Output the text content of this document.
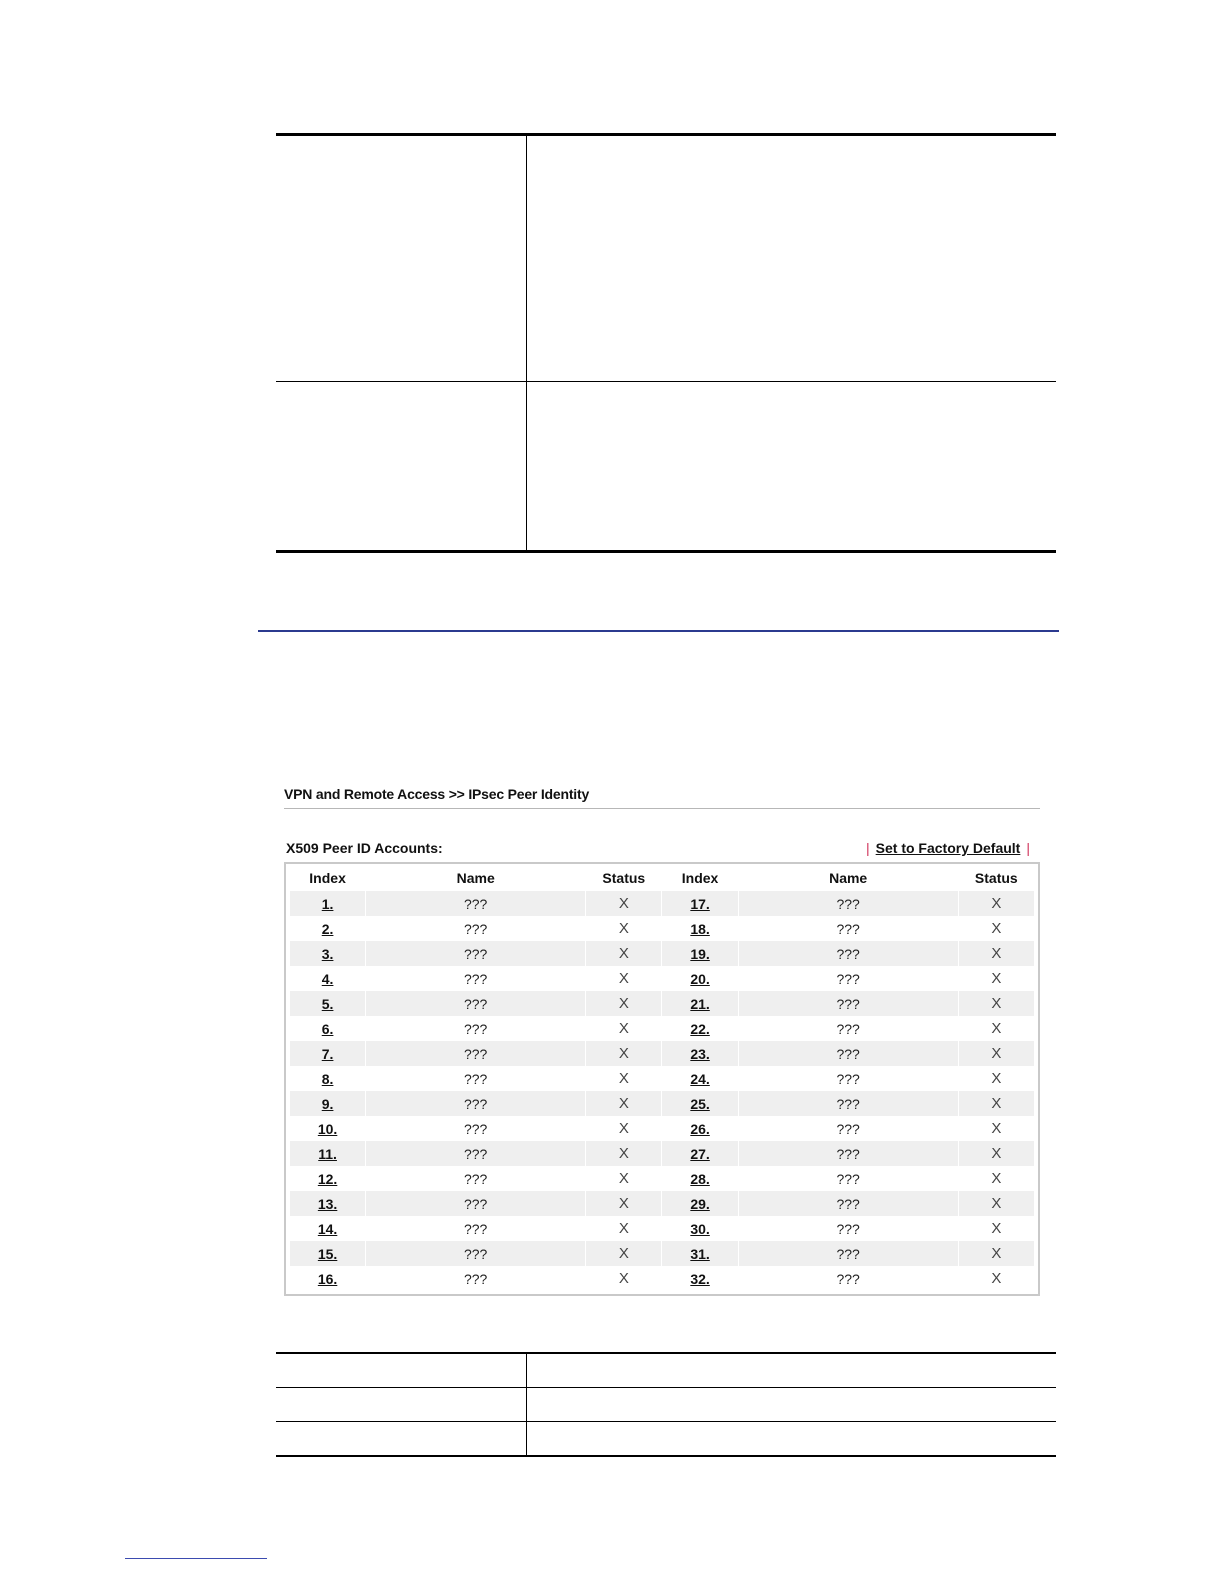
VPN and Remote Access >> IPsec Peer Identity
X509 Peer ID Accounts:	| Set to Factory Default |
Index	Name	Status	Index	Name	Status
1.	???	X	17.	???	X
2.	???	X	18.	???	X
3.	???	X	19.	???	X
4.	???	X	20.	???	X
5.	???	X	21.	???	X
6.	???	X	22.	???	X
7.	???	X	23.	???	X
8.	???	X	24.	???	X
9.	???	X	25.	???	X
10.	???	X	26.	???	X
11.	???	X	27.	???	X
12.	???	X	28.	???	X
13.	???	X	29.	???	X
14.	???	X	30.	???	X
15.	???	X	31.	???	X
16.	???	X	32.	???	X
